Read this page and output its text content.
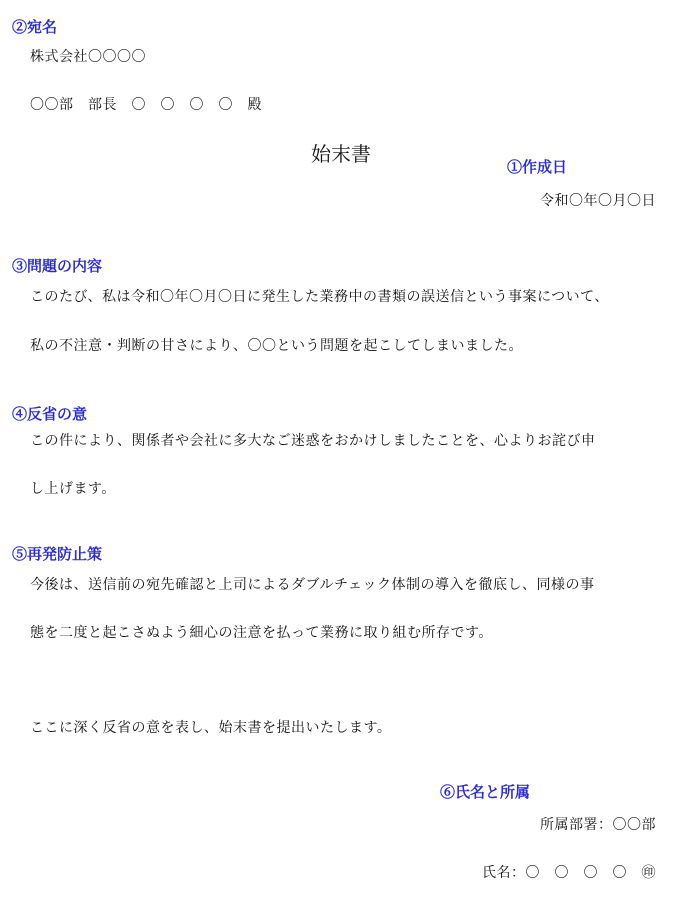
②宛名
株式会社〇〇〇〇
〇〇部　部長　〇　〇　〇　〇　殿
始末書
①作成日
令和〇年〇月〇日
③問題の内容
このたび、私は令和〇年〇月〇日に発生した業務中の書類の誤送信という事案について、
私の不注意・判断の甘さにより、〇〇という問題を起こしてしまいました。
④反省の意
この件により、関係者や会社に多大なご迷惑をおかけしましたことを、心よりお詫び申
し上げます。
⑤再発防止策
今後は、送信前の宛先確認と上司によるダブルチェック体制の導入を徹底し、同様の事
態を二度と起こさぬよう細心の注意を払って業務に取り組む所存です。
ここに深く反省の意を表し、始末書を提出いたします。
⑥氏名と所属
所属部署：〇〇部
氏名：〇　〇　〇　〇　㊞
